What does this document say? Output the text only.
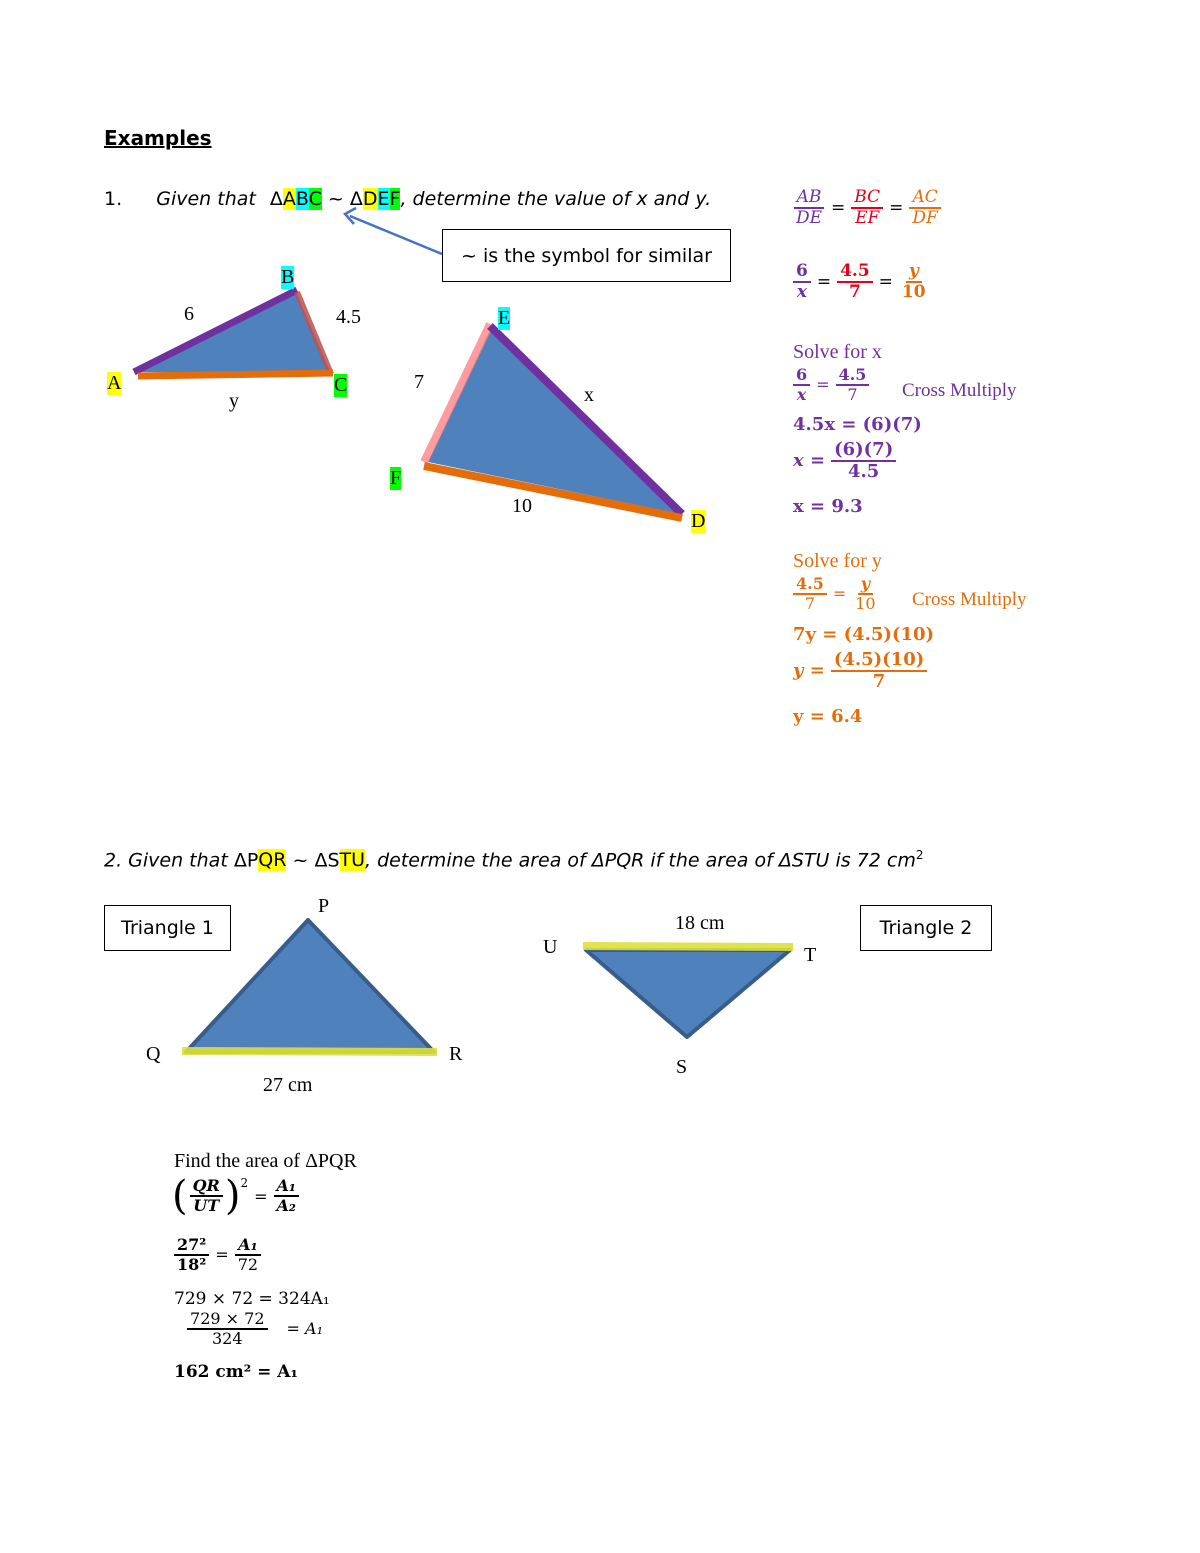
Examples
1. Given that ΔABC ~ ΔDEF, determine the value of x and y.
~ is the symbol for similar
A
B
C
6	4.5
y
E
F
D
7
x
10
$\frac{AB}{DE} = \frac{BC}{EF} = \frac{AC}{DF}$
$\frac{6}{x} = \frac{4.5}{7} = \frac{y}{10}$
Solve for x
$\frac{6}{x} = \frac{4.5}{7}$ Cross Multiply
4.5x = (6)(7)
$x = \frac{(6)(7)}{4.5}$
x = 9.3
Solve for y
$\frac{4.5}{7} = \frac{y}{10}$ Cross Multiply
7y = (4.5)(10)
$y = \frac{(4.5)(10)}{7}$
y = 6.4
2. Given that ΔPQR ~ ΔSTU, determine the area of ΔPQR if the area of ΔSTU is 72 $cm^2$
Triangle 1	Triangle 2
P
Q	R
27 cm
U	T
S
18 cm
Find the area of ΔPQR
( $\frac{QR}{UT} )^2$
= $\frac{\text{A₁}}{\text{A₂}}$
$\frac{\text{27²}}{\text{18²}} = \frac{\text{A₁}}{72}$
729 × 72 = 324A₁
$\frac{729 \times 72}{324} = A_1$
162 cm² = A₁
